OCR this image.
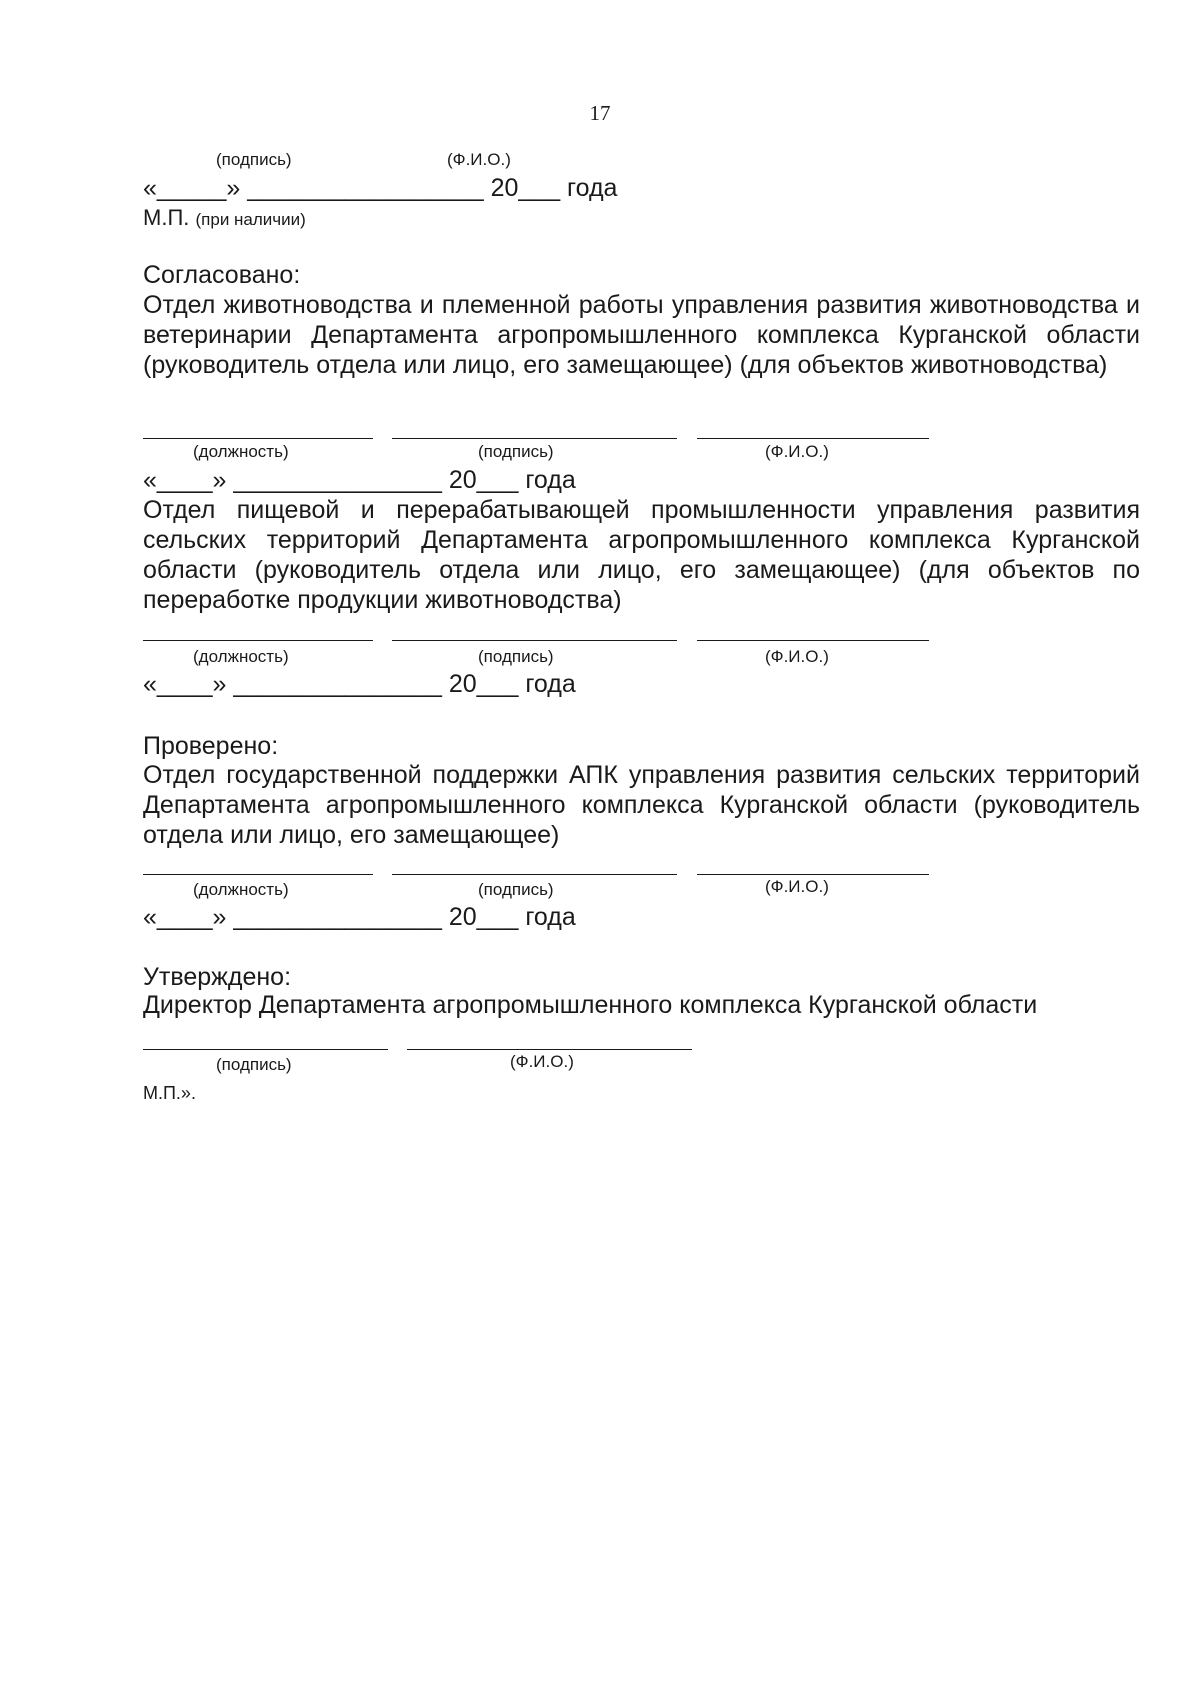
17
(подпись)	(Ф.И.О.)
«_____» _________________ 20___ года
М.П. (при наличии)
Согласовано:
Отдел животноводства и племенной работы управления развития животноводства и ветеринарии Департамента агропромышленного комплекса Курганской области (руководитель отдела или лицо, его замещающее) (для объектов животноводства)
(должность)	(подпись)	(Ф.И.О.)
«____» _______________ 20___ года
Отдел пищевой и перерабатывающей промышленности управления развития сельских территорий Департамента агропромышленного комплекса Курганской области (руководитель отдела или лицо, его замещающее) (для объектов по переработке продукции животноводства)
(должность)	(подпись)	(Ф.И.О.)
«____» _______________ 20___ года
Проверено:
Отдел государственной поддержки АПК управления развития сельских территорий Департамента агропромышленного комплекса Курганской области (руководитель отдела или лицо, его замещающее)
(должность)	(подпись)	(Ф.И.О.)
«____» _______________ 20___ года
Утверждено:
Директор Департамента агропромышленного комплекса Курганской области
(подпись)	(Ф.И.О.)
М.П.».
